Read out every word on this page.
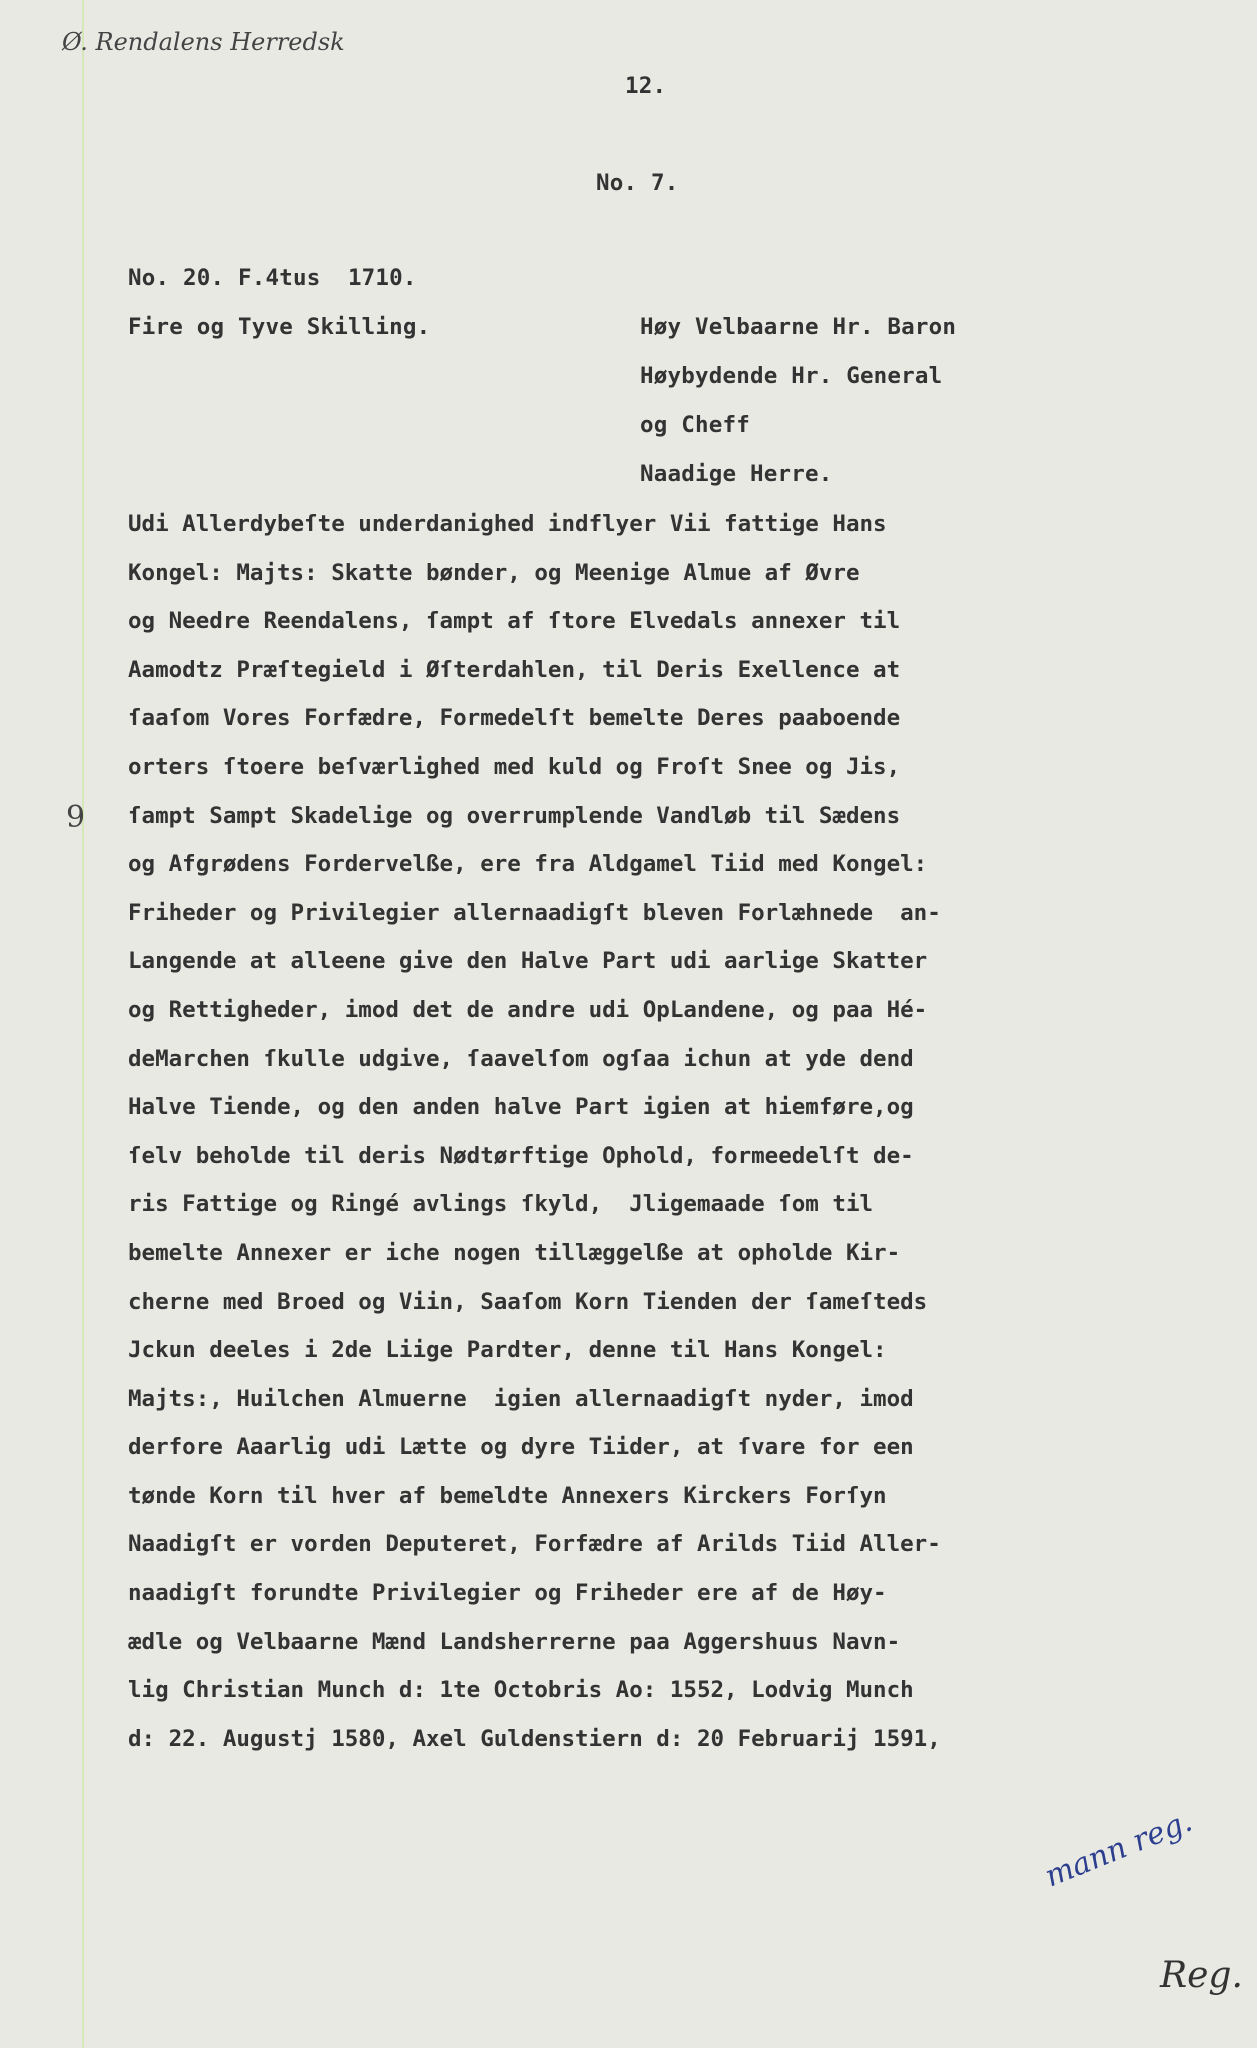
Ø. Rendalens Herredsk
9
mann reg.
Reg.
12.
No. 7.
No. 20. F.4tus  1710.
Fire og Tyve Skilling.	Høy Velbaarne Hr. Baron
Høybydende Hr. General
og Cheff
Naadige Herre.
Udi Allerdybeſte underdanighed indflyer Vii fattige Hans
Kongel: Majts: Skatte bønder, og Meenige Almue af Øvre
og Needre Reendalens, ſampt af ſtore Elvedals annexer til
Aamodtz Præſtegield i Øſterdahlen, til Deris Exellence at
ſaaſom Vores Forfædre, Formedelſt bemelte Deres paaboende
orters ſtoere beſværlighed med kuld og Froſt Snee og Jis,
ſampt Sampt Skadelige og overrumplende Vandløb til Sædens
og Afgrødens Fordervelße, ere fra Aldgamel Tiid med Kongel:
Friheder og Privilegier allernaadigſt bleven Forlæhnede  an-
Langende at alleene give den Halve Part udi aarlige Skatter
og Rettigheder, imod det de andre udi OpLandene, og paa Hé-
deMarchen ſkulle udgive, ſaavelſom ogſaa ichun at yde dend
Halve Tiende, og den anden halve Part igien at hiemføre,og
ſelv beholde til deris Nødtørftige Ophold, formeedelſt de-
ris Fattige og Ringé avlings ſkyld,  Jligemaade ſom til
bemelte Annexer er iche nogen tillæggelße at opholde Kir-
cherne med Broed og Viin, Saaſom Korn Tienden der ſameſteds
Jckun deeles i 2de Liige Pardter, denne til Hans Kongel:
Majts:, Huilchen Almuerne  igien allernaadigſt nyder, imod
derfore Aaarlig udi Lætte og dyre Tiider, at ſvare for een
tønde Korn til hver af bemeldte Annexers Kirckers Forſyn
Naadigſt er vorden Deputeret, Forfædre af Arilds Tiid Aller-
naadigſt forundte Privilegier og Friheder ere af de Høy-
ædle og Velbaarne Mænd Landsherrerne paa Aggershuus Navn-
lig Christian Munch d: 1te Octobris Ao: 1552, Lodvig Munch
d: 22. Augustj 1580, Axel Guldenstiern d: 20 Februarij 1591,
